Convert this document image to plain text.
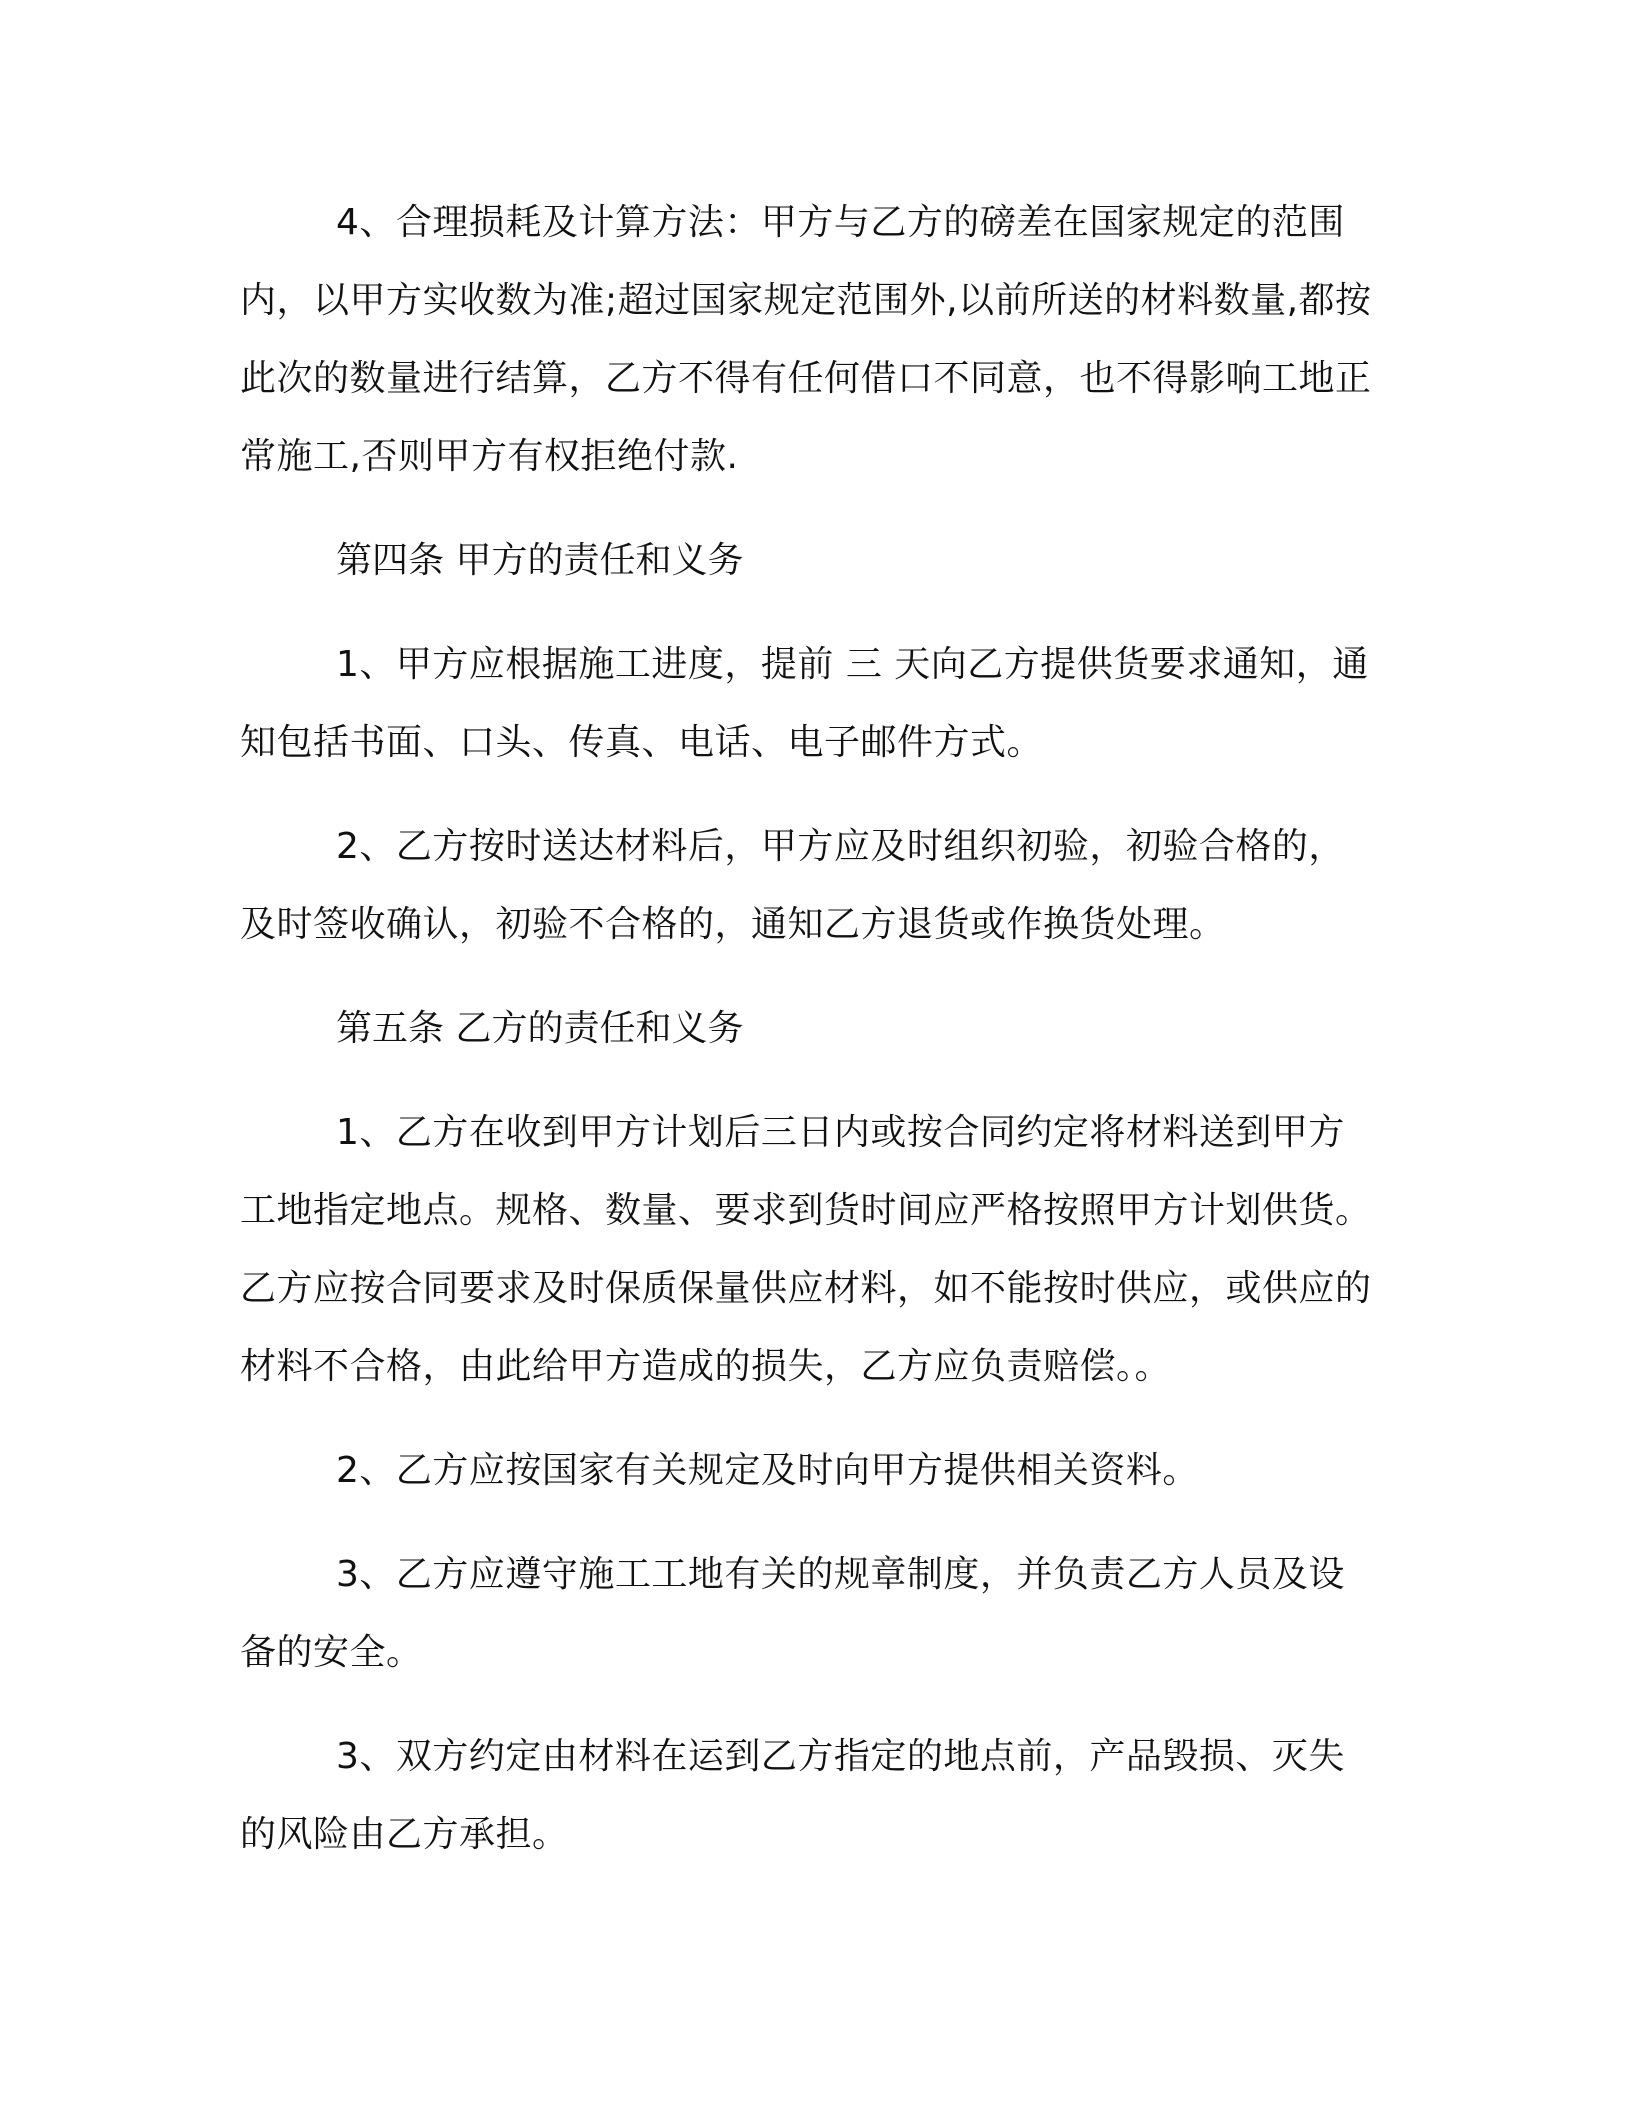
4、合理损耗及计算方法：甲方与乙方的磅差在国家规定的范围内，以甲方实收数为准;超过国家规定范围外,以前所送的材料数量,都按此次的数量进行结算，乙方不得有任何借口不同意，也不得影响工地正常施工,否则甲方有权拒绝付款.

第四条 甲方的责任和义务

1、甲方应根据施工进度，提前 三 天向乙方提供货要求通知，通知包括书面、口头、传真、电话、电子邮件方式。

2、乙方按时送达材料后，甲方应及时组织初验，初验合格的，及时签收确认，初验不合格的，通知乙方退货或作换货处理。

第五条 乙方的责任和义务

1、乙方在收到甲方计划后三日内或按合同约定将材料送到甲方工地指定地点。规格、数量、要求到货时间应严格按照甲方计划供货。乙方应按合同要求及时保质保量供应材料，如不能按时供应，或供应的材料不合格，由此给甲方造成的损失，乙方应负责赔偿。。

2、乙方应按国家有关规定及时向甲方提供相关资料。

3、乙方应遵守施工工地有关的规章制度，并负责乙方人员及设备的安全。

3、双方约定由材料在运到乙方指定的地点前，产品毁损、灭失的风险由乙方承担。
